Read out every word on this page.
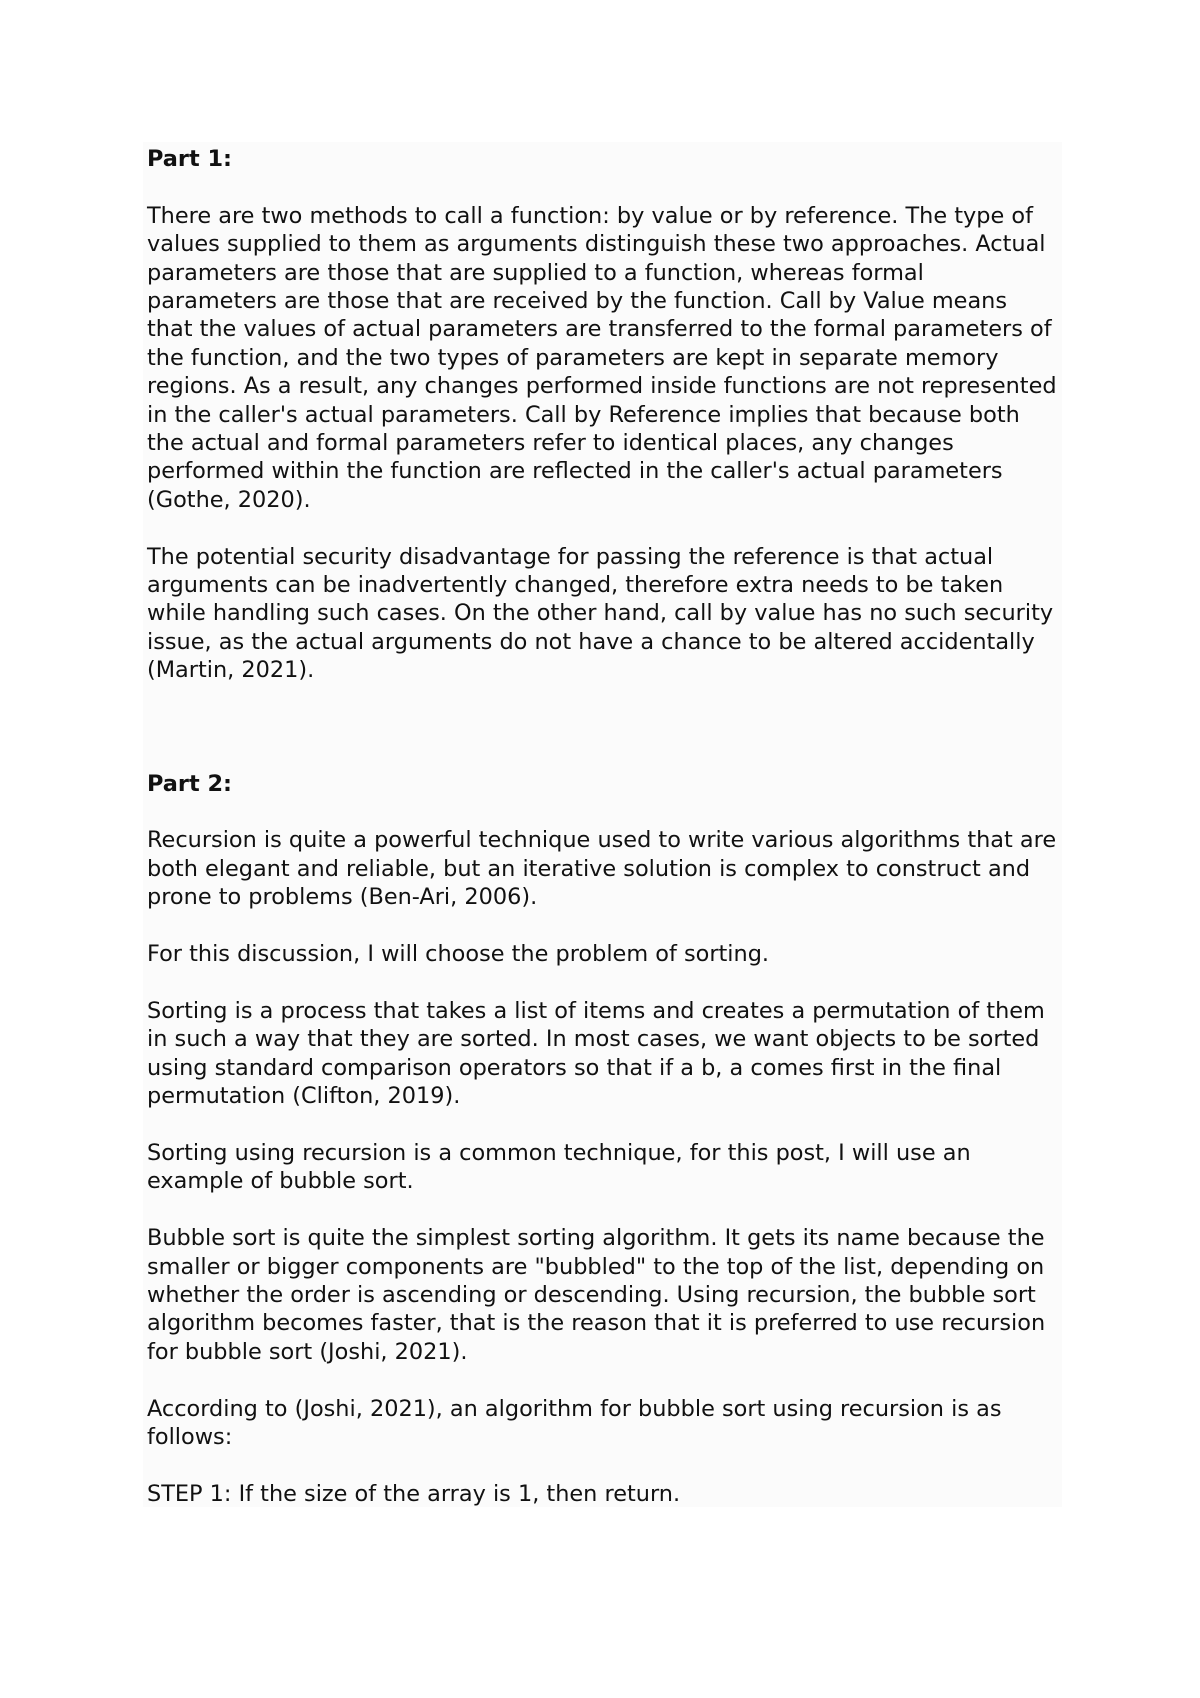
Part 1:

There are two methods to call a function: by value or by reference. The type of values supplied to them as arguments distinguish these two approaches. Actual parameters are those that are supplied to a function, whereas formal parameters are those that are received by the function. Call by Value means that the values of actual parameters are transferred to the formal parameters of the function, and the two types of parameters are kept in separate memory regions. As a result, any changes performed inside functions are not represented in the caller's actual parameters. Call by Reference implies that because both the actual and formal parameters refer to identical places, any changes performed within the function are reflected in the caller's actual parameters (Gothe, 2020).

The potential security disadvantage for passing the reference is that actual arguments can be inadvertently changed, therefore extra needs to be taken while handling such cases. On the other hand, call by value has no such security issue, as the actual arguments do not have a chance to be altered accidentally (Martin, 2021).

Part 2:

Recursion is quite a powerful technique used to write various algorithms that are both elegant and reliable, but an iterative solution is complex to construct and prone to problems (Ben-Ari, 2006).

For this discussion, I will choose the problem of sorting.

Sorting is a process that takes a list of items and creates a permutation of them in such a way that they are sorted. In most cases, we want objects to be sorted using standard comparison operators so that if a b, a comes first in the final permutation (Clifton, 2019).

Sorting using recursion is a common technique, for this post, I will use an example of bubble sort.

Bubble sort is quite the simplest sorting algorithm. It gets its name because the smaller or bigger components are "bubbled" to the top of the list, depending on whether the order is ascending or descending. Using recursion, the bubble sort algorithm becomes faster, that is the reason that it is preferred to use recursion for bubble sort (Joshi, 2021).

According to (Joshi, 2021), an algorithm for bubble sort using recursion is as follows:

STEP 1: If the size of the array is 1, then return.
